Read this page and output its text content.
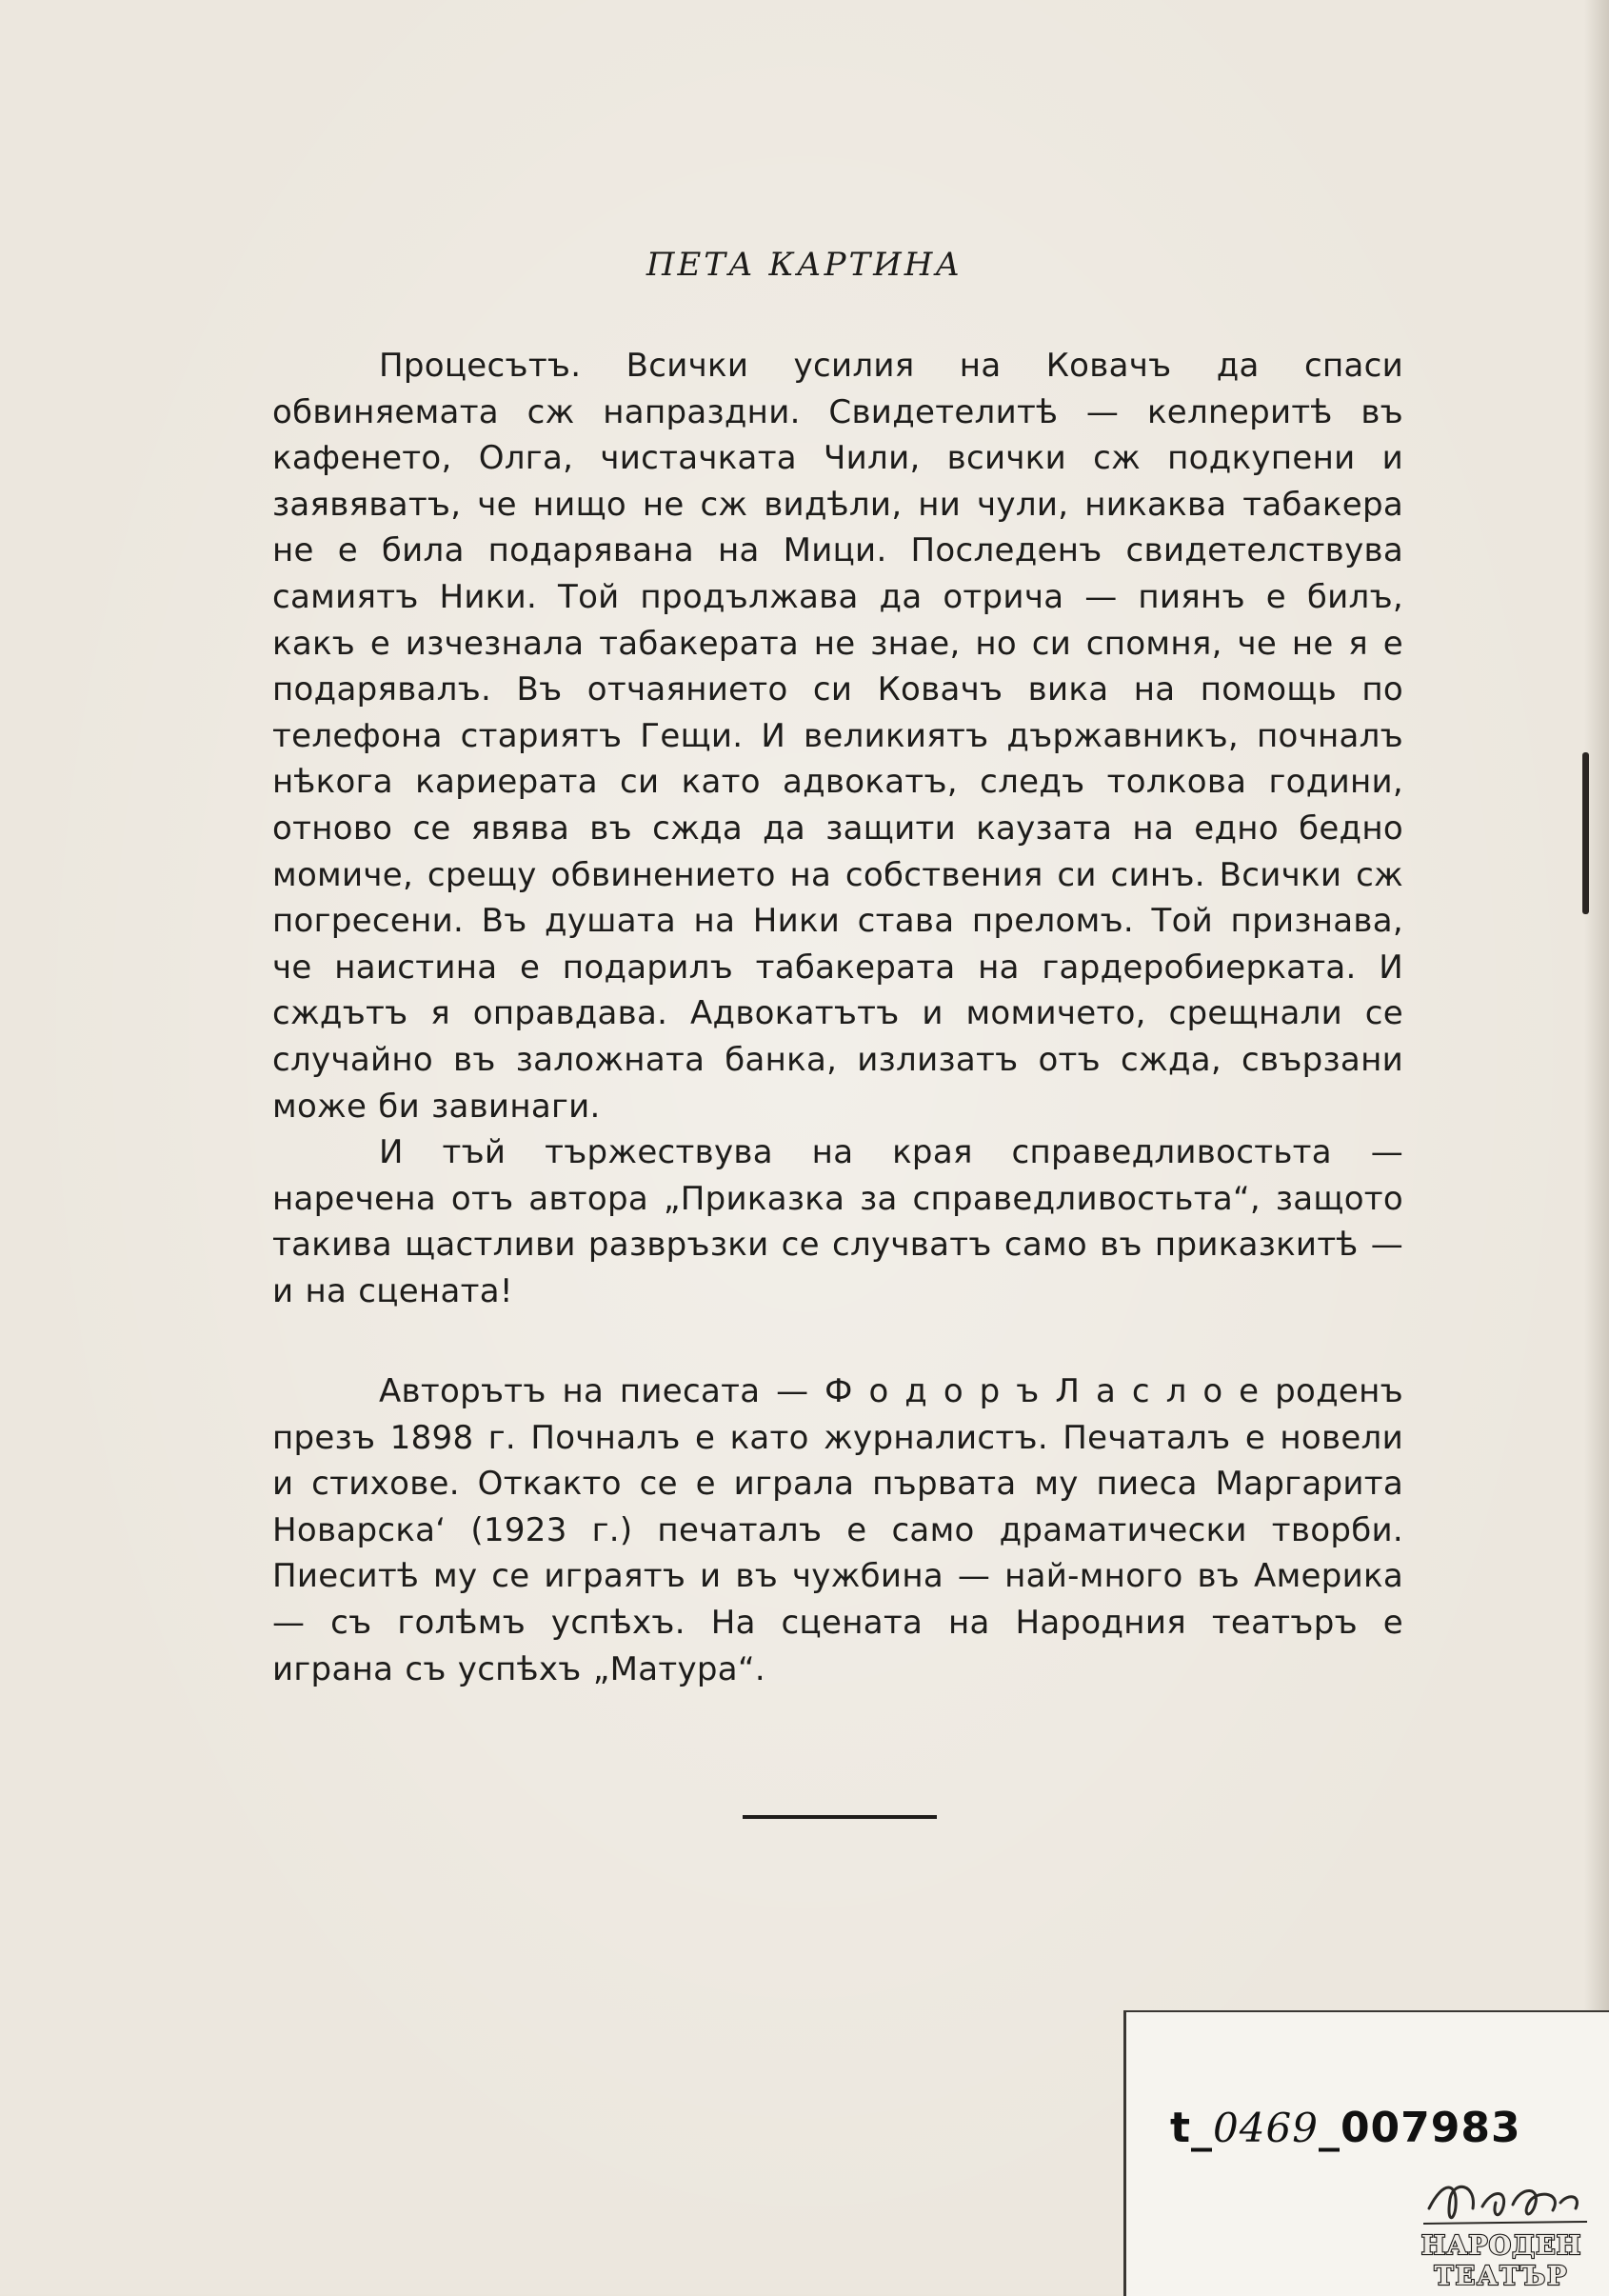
ПЕТА КАРТИНА

Процесътъ. Всички усилия на Ковачъ да спаси обвиняемата сж напраздни. Свидетелитѣ — келneритѣ въ кафенето, Олга, чистачката Чили, всички сж подкупени и заявяватъ, че нищо не сж видѣли, ни чули, никаква табакера не е била подарявана на Мици. Последенъ свидетелствува самиятъ Ники. Той продължава да отрича — пиянъ е билъ, какъ е изчезнала табакерата не знае, но си спомня, че не я е подарявалъ. Въ отчаянието си Ковачъ вика на помощь по телефона стариятъ Гещи. И великиятъ държавникъ, почналъ нѣкога кариерата си като адвокатъ, следъ толкова години, отново се явява въ сжда да защити каузата на едно бедно момиче, срещу обвинението на собствения си синъ. Всички сж погресени. Въ душата на Ники става преломъ. Той признава, че наистина е подарилъ табакерата на гардеробиерката. И сждътъ я оправдава. Адвокатътъ и момичето, срещнали се случайно въ заложната банка, излизатъ отъ сжда, свързани може би завинаги.

И тъй тържествува на края справедливостьта — наречена отъ автора „Приказка за справедливостьта“, защото такива щастливи развръзки се случватъ само въ приказкитѣ — и на сцената!

Авторътъ на пиесата — Ф о д о р ъ Л а с л о е роденъ презъ 1898 г. Почналъ е като журналистъ. Печаталъ е новели и стихове. Откакто се е играла първата му пиеса Маргарита Новарска‘ (1923 г.) печаталъ е само драматически творби. Пиеситѣ му се играятъ и въ чужбина — най-много въ Америка — съ голѣмъ успѣхъ. На сцената на Народния театъръ е играна съ успѣхъ „Матура“.

t_0469_007983
НАРОДЕН
ТЕАТЪР
